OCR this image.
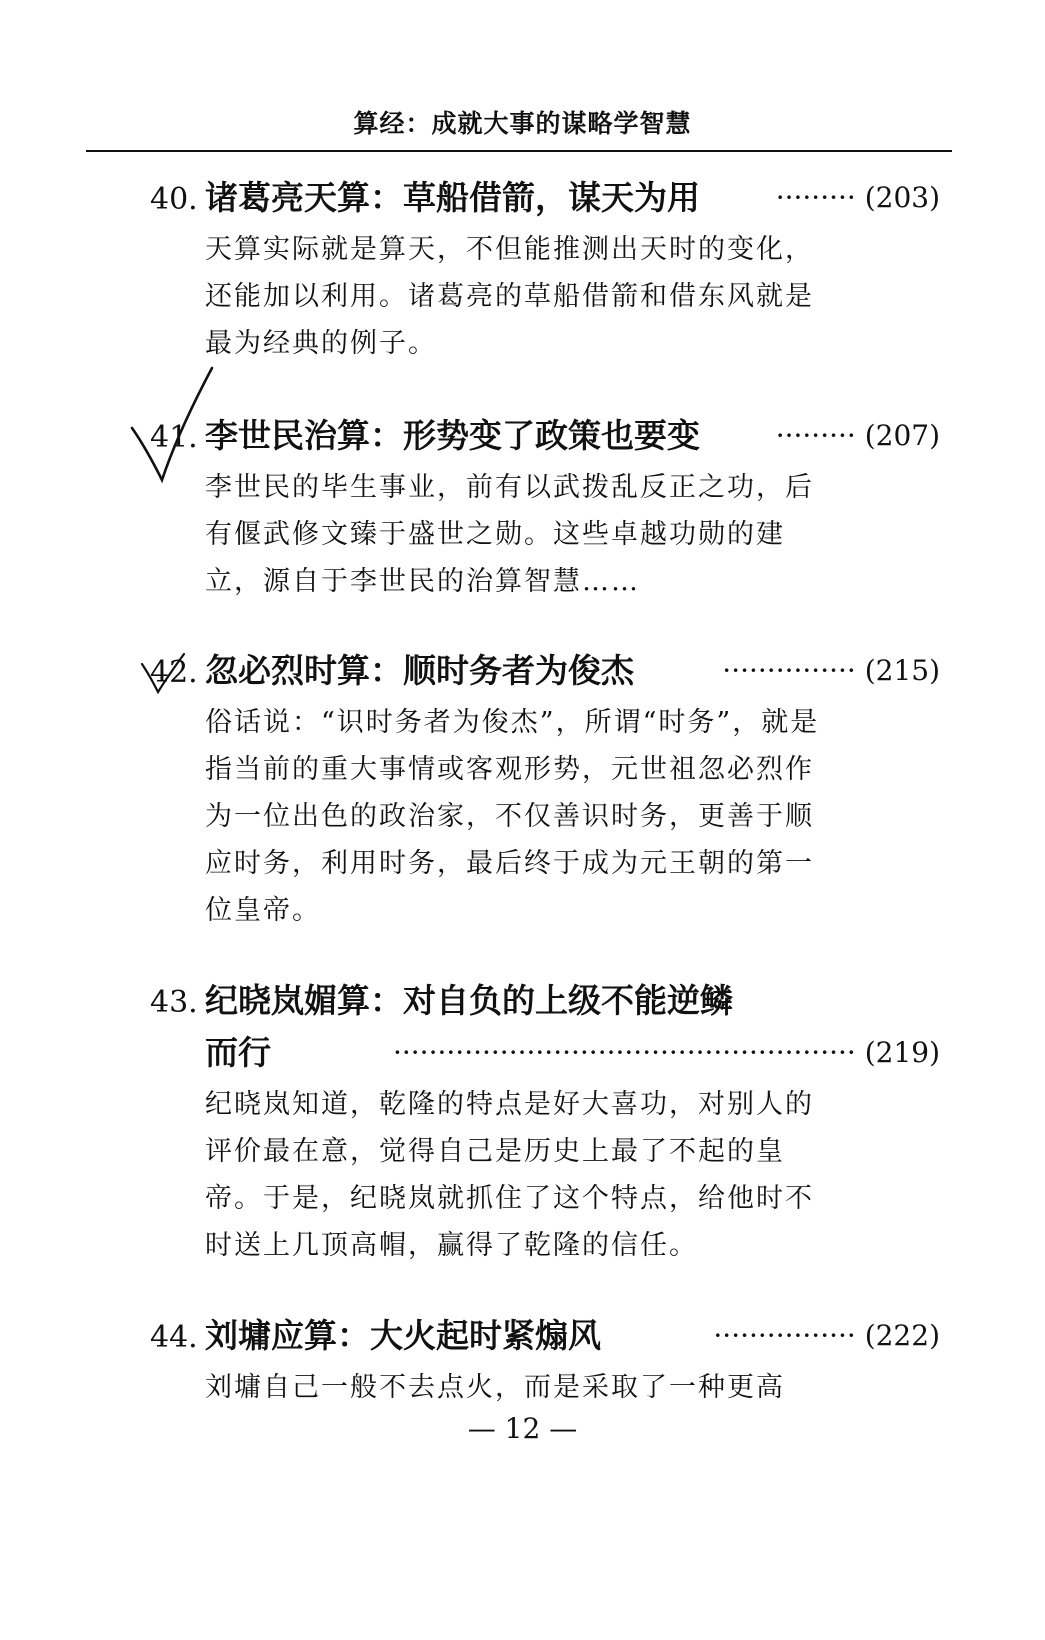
算经：成就大事的谋略学智慧
40. 诸葛亮天算：草船借箭，谋天为用	········· (203)
天算实际就是算天，不但能推测出天时的变化，还能加以利用。诸葛亮的草船借箭和借东风就是最为经典的例子。
41. 李世民治算：形势变了政策也要变	········· (207)
李世民的毕生事业，前有以武拨乱反正之功，后有偃武修文臻于盛世之勋。这些卓越功勋的建立，源自于李世民的治算智慧……
42. 忽必烈时算：顺时务者为俊杰	··············· (215)
俗话说：“识时务者为俊杰”，所谓“时务”，就是指当前的重大事情或客观形势，元世祖忽必烈作为一位出色的政治家，不仅善识时务，更善于顺应时务，利用时务，最后终于成为元王朝的第一位皇帝。
43. 纪晓岚媚算：对自负的上级不能逆鳞
而行	···················································· (219)
纪晓岚知道，乾隆的特点是好大喜功，对别人的评价最在意，觉得自己是历史上最了不起的皇帝。于是，纪晓岚就抓住了这个特点，给他时不时送上几顶高帽，赢得了乾隆的信任。
44. 刘墉应算：大火起时紧煽风	················ (222)
刘墉自己一般不去点火，而是采取了一种更高
— 12 —
